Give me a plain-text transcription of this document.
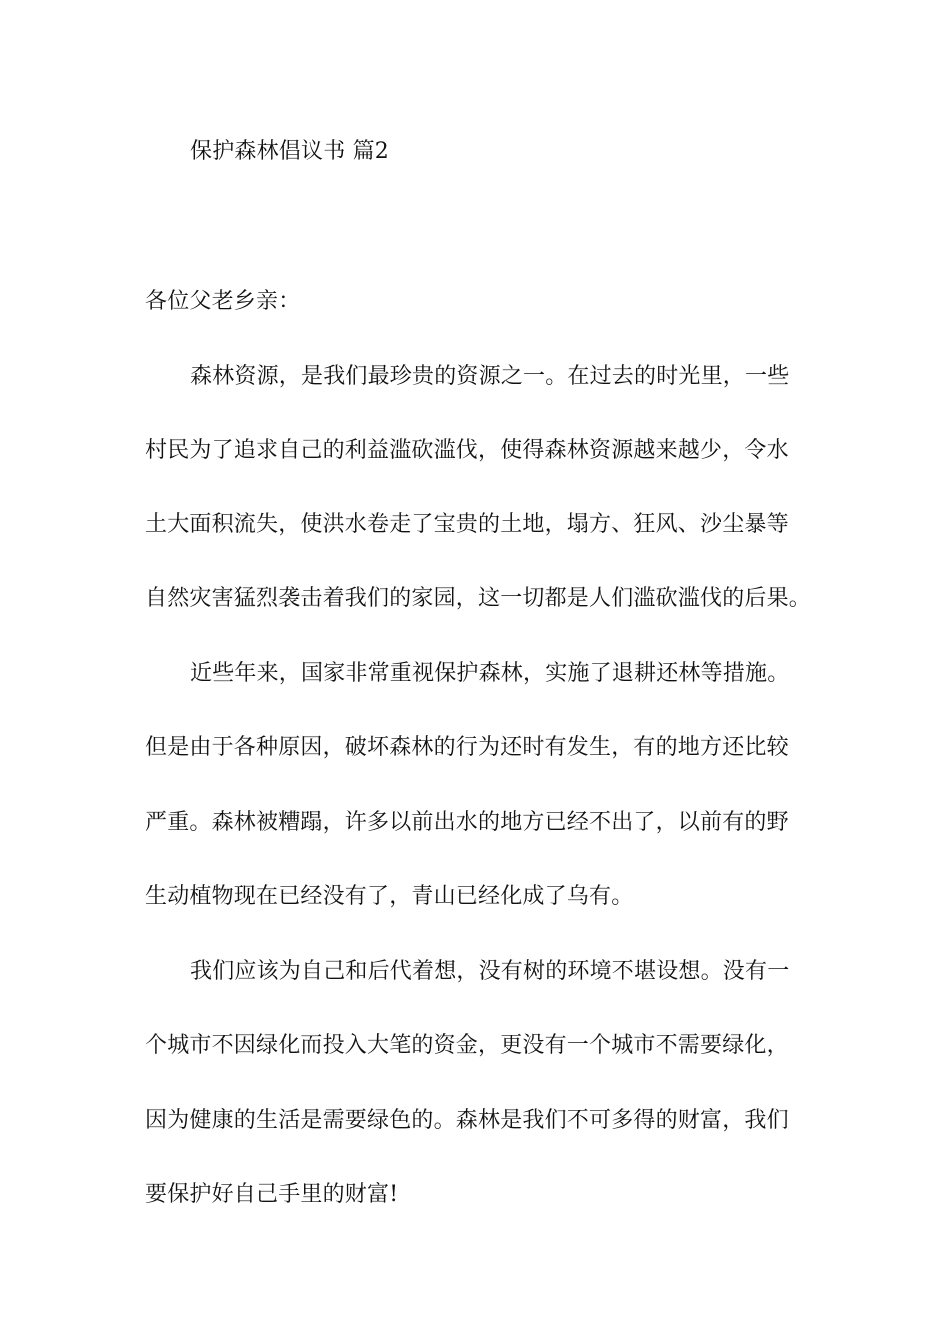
保护森林倡议书 篇2
各位父老乡亲：
森林资源，是我们最珍贵的资源之一。在过去的时光里，一些
村民为了追求自己的利益滥砍滥伐，使得森林资源越来越少，令水
土大面积流失，使洪水卷走了宝贵的土地，塌方、狂风、沙尘暴等
自然灾害猛烈袭击着我们的家园，这一切都是人们滥砍滥伐的后果。
近些年来，国家非常重视保护森林，实施了退耕还林等措施。
但是由于各种原因，破坏森林的行为还时有发生，有的地方还比较
严重。森林被糟蹋，许多以前出水的地方已经不出了，以前有的野
生动植物现在已经没有了，青山已经化成了乌有。
我们应该为自己和后代着想，没有树的环境不堪设想。没有一
个城市不因绿化而投入大笔的资金，更没有一个城市不需要绿化，
因为健康的生活是需要绿色的。森林是我们不可多得的财富，我们
要保护好自己手里的财富!
